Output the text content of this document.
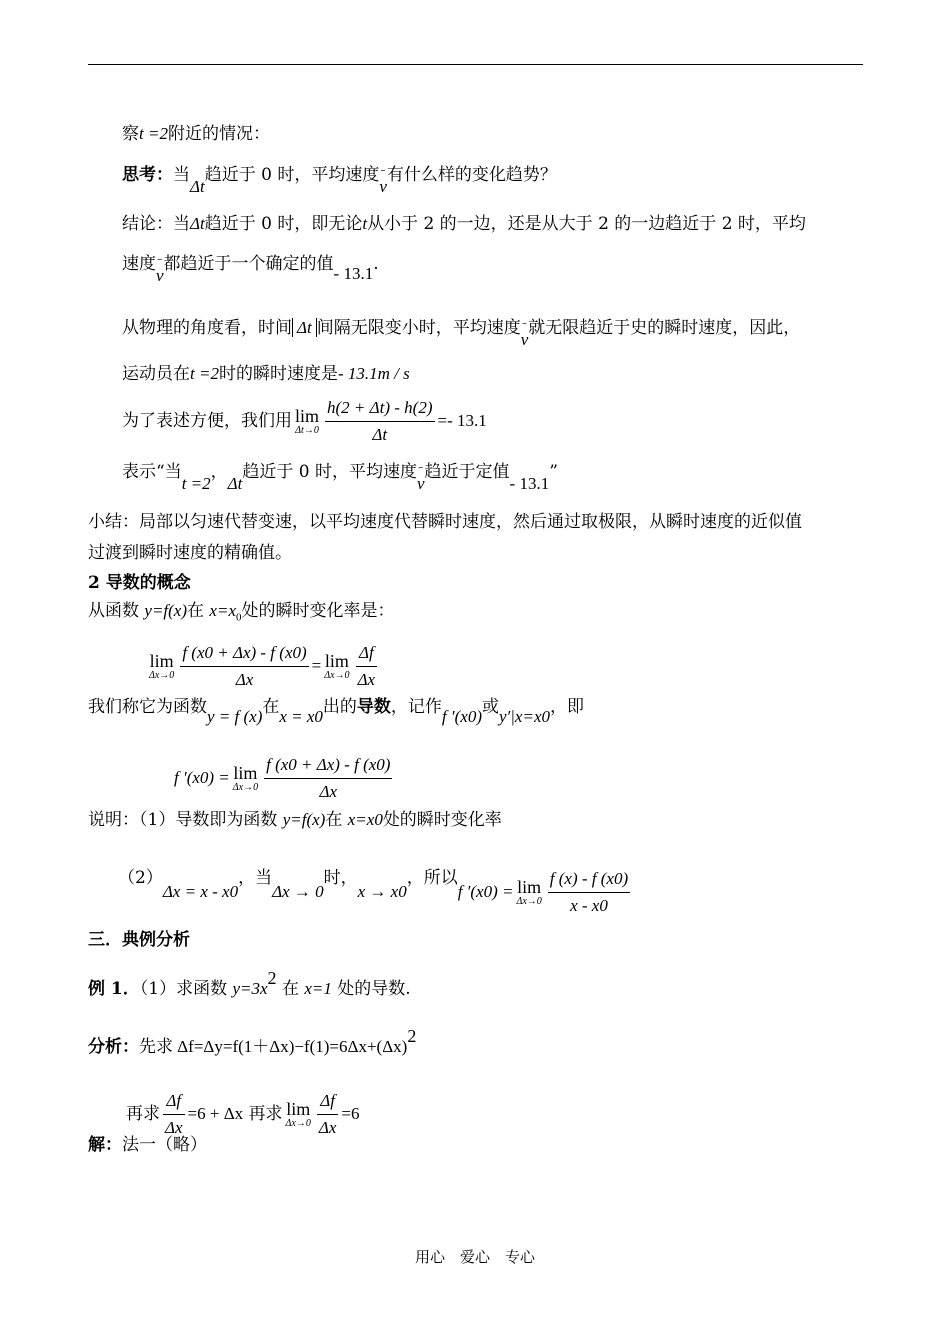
察t =2附近的情况：
思考：当Δt趋近于 0 时，平均速度 –
v有什么样的变化趋势？
结论：当Δt趋近于 0 时，即无论t从小于 2 的一边，还是从大于 2 的一边趋近于 2 时，平均
速度 –
v都趋近于一个确定的值- 13.1.
从物理的角度看，时间 Δt 间隔无限变小时，平均速度 –
v就无限趋近于史的瞬时速度，因此，
运动员在t =2时的瞬时速度是- 13.1m / s
为了表述方便，我们用 lim
$\Delta t\to 0 \frac{h(2 + \Delta t) - h(2)}{\Delta t} =- 13.1$
表示“当t =2，Δt趋近于 0 时，平均速度 –
v趋近于定值- 13.1”
小结：局部以匀速代替变速，以平均速度代替瞬时速度，然后通过取极限，从瞬时速度的近似值
过渡到瞬时速度的精确值。
2 导数的概念
从函数 y=f(x)在 $x=x_0$处的瞬时变化率是：
lim
$\Delta x\to 0 \frac{f (x0 + \Delta x) - f (x0)}{\Delta x} = \lim$
$\Delta x\to 0 \frac{\Delta f}{\Delta x}$
我们称它为函数y = f (x)在x = x0出的导数，记作f ′(x0)或y′|x=x0，即
f ′(x0) = lim
$\Delta x\to 0 \frac{f (x0 + \Delta x) - f (x0)}{\Delta x}$
说明：（1）导数即为函数 y=f(x)在 x=x0处的瞬时变化率
（2）Δx = x - x0，当Δx → 0时，x → x0，所以f ′(x0) = lim
$\Delta x\to 0 \frac{f (x) - f (x0)}{x - x0}$
三．典例分析
例 1．（1）求函数 y=3x2 在 x=1 处的导数.
分析：先求 Δf=Δy=f(1＋Δx)−f(1)=6Δx+(Δx)2
再求 $\frac{\Delta f}{\Delta x} =6 + \Delta x$ 再求 lim
$\Delta x\to 0 \frac{\Delta f}{\Delta x} =6$
解：法一（略）
用心　爱心　专心
